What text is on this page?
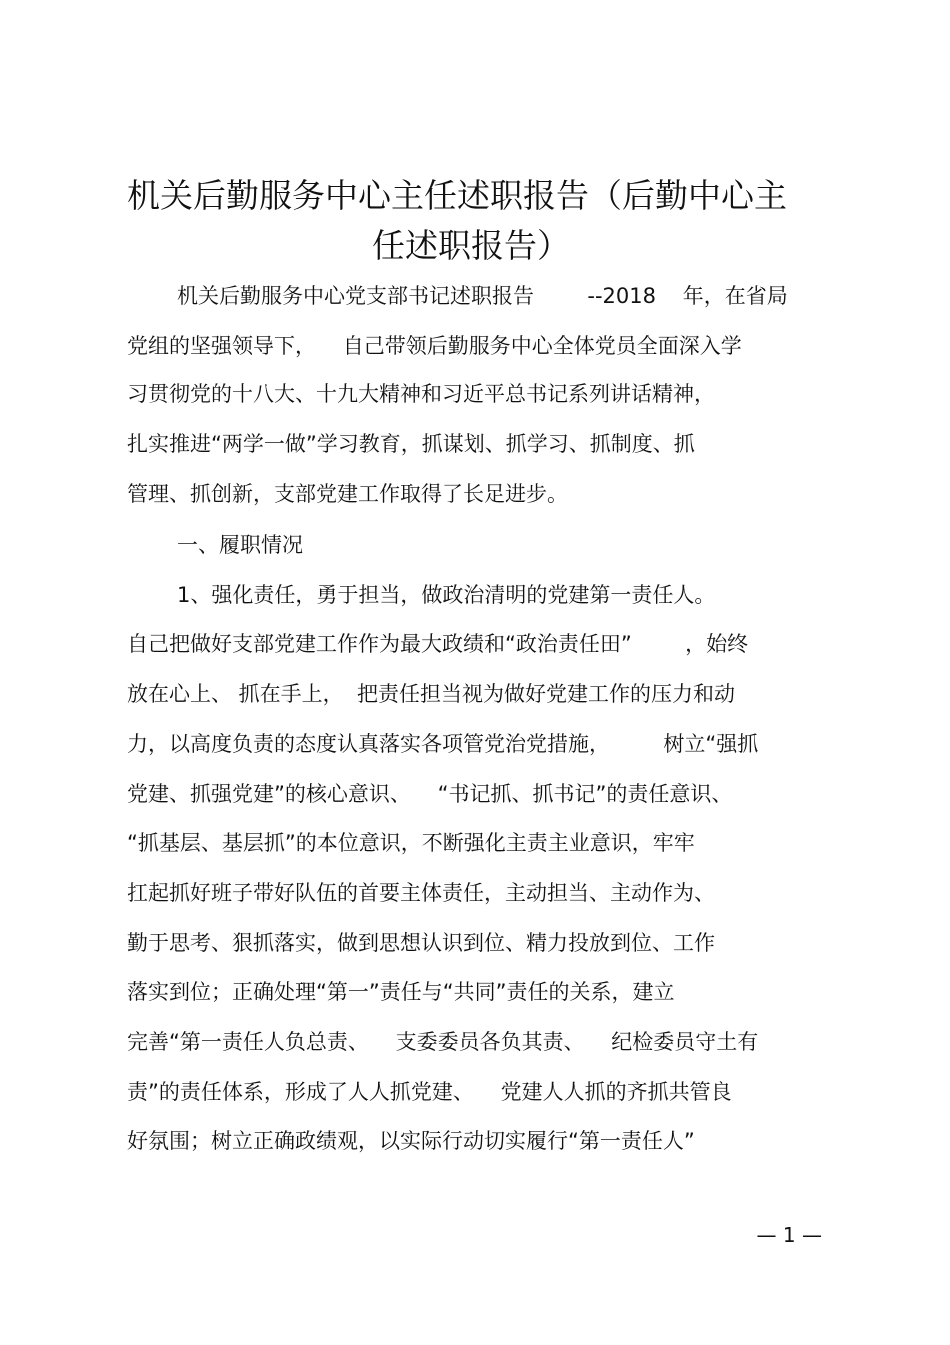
机关后勤服务中心主任述职报告（后勤中心主
任述职报告）

机关后勤服务中心党支部书记述职报告        --2018    年，在省局

党组的坚强领导下，    自己带领后勤服务中心全体党员全面深入学

习贯彻党的十八大、十九大精神和习近平总书记系列讲话精神，

扎实推进“两学一做”学习教育，抓谋划、抓学习、抓制度、抓

管理、抓创新，支部党建工作取得了长足进步。

一、履职情况

1、强化责任，勇于担当，做政治清明的党建第一责任人。

自己把做好支部党建工作作为最大政绩和“政治责任田”        ，始终

放在心上、 抓在手上，  把责任担当视为做好党建工作的压力和动

力，以高度负责的态度认真落实各项管党治党措施，        树立“强抓

党建、抓强党建”的核心意识、    “书记抓、抓书记”的责任意识、

“抓基层、基层抓”的本位意识，不断强化主责主业意识，牢牢

扛起抓好班子带好队伍的首要主体责任，主动担当、主动作为、

勤于思考、狠抓落实，做到思想认识到位、精力投放到位、工作

落实到位；正确处理“第一”责任与“共同”责任的关系，建立

完善“第一责任人负总责、    支委委员各负其责、    纪检委员守土有

责”的责任体系，形成了人人抓党建、    党建人人抓的齐抓共管良

好氛围；树立正确政绩观，以实际行动切实履行“第一责任人”

— 1 —
